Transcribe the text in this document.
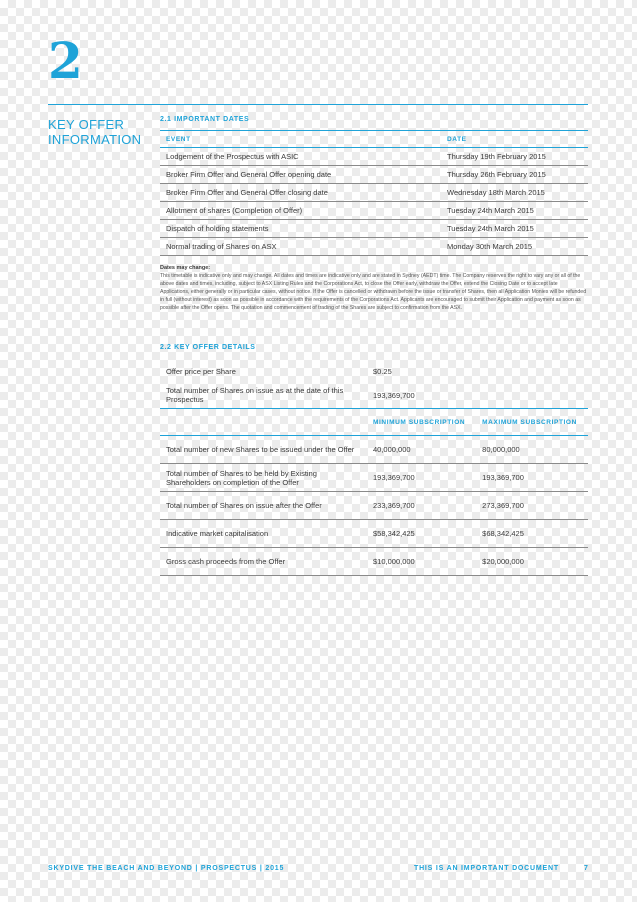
2
KEY OFFER INFORMATION
2.1 IMPORTANT DATES
EVENT	DATE
Lodgement of the Prospectus with ASIC	Thursday 19th February 2015
Broker Firm Offer and General Offer opening date	Thursday 26th February 2015
Broker Firm Offer and General Offer closing date	Wednesday 18th March 2015
Allotment of shares (Completion of Offer)	Tuesday 24th March 2015
Dispatch of holding statements	Tuesday 24th March 2015
Normal trading of Shares on ASX	Monday 30th March 2015
Dates may change:
This timetable is indicative only and may change. All dates and times are indicative only and are stated in Sydney (AEDT) time. The Company reserves the right to vary any or all of the above dates and times, including, subject to ASX Listing Rules and the Corporations Act, to close the Offer early, withdraw the Offer, extend the Closing Date or to accept late Applications, either generally or in particular cases, without notice. If the Offer is cancelled or withdrawn before the issue or transfer of Shares, then all Application Monies will be refunded in full (without interest) as soon as possible in accordance with the requirements of the Corporations Act. Applicants are encouraged to submit their Application and payment as soon as possible after the Offer opens. The quotation and commencement of trading of the Shares are subject to confirmation from the ASX.
2.2 KEY OFFER DETAILS
Offer price per Share	$0.25	
Total number of Shares on issue as at the date of this Prospectus	193,369,700	
	MINIMUM SUBSCRIPTION	MAXIMUM SUBSCRIPTION
Total number of new Shares to be issued under the Offer	40,000,000	80,000,000
Total number of Shares to be held by Existing Shareholders on completion of the Offer	193,369,700	193,369,700
Total number of Shares on issue after the Offer	233,369,700	273,369,700
Indicative market capitalisation	$58,342,425	$68,342,425
Gross cash proceeds from the Offer	$10,000,000	$20,000,000
SKYDIVE THE BEACH AND BEYOND | PROSPECTUS | 2015	THIS IS AN IMPORTANT DOCUMENT	7
